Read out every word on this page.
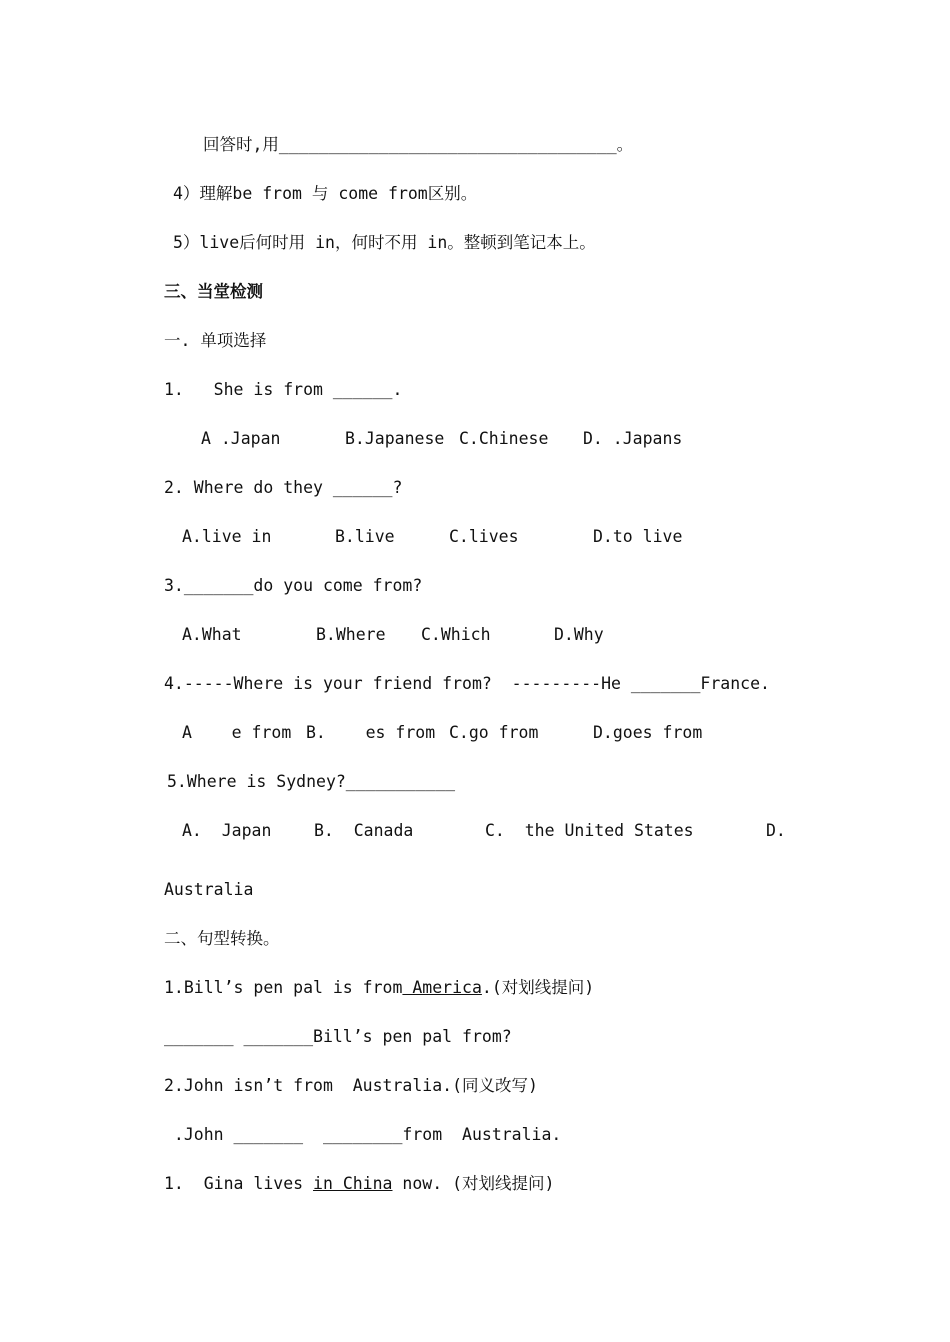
回答时,用__________________________________。
4）理解be from 与 come from区别。
5）live后何时用 in，何时不用 in。整顿到笔记本上。
三、当堂检测
一. 单项选择
1.   She is from ______.
A .Japan	B.Japanese C.Chinese D. .Japans
2. Where do they ______?
A.live in	B.live	C.lives	D.to live
3._______do you come from?
A.What	B.Where C.Which	D.Why
4.-----Where is your friend from?  ---------He _______France.
A    e from B.    es from C.go from	D.goes from
5.Where is Sydney?___________
A.  Japan	B.  Canada	C.  the United States	D.
Australia
二、句型转换。
1.Bill’s pen pal is from America.(对划线提问)
_______ _______Bill’s pen pal from?
2.John isn’t from  Australia.(同义改写)
.John _______  ________from  Australia.
1.  Gina lives in China now. (对划线提问)
